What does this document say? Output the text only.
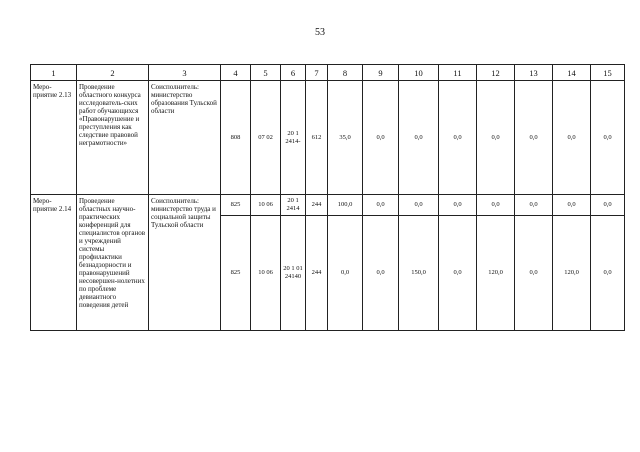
53
1	2	3	4	5	6	7	8	9	10	11	12	13	14	15
Меро-приятие 2.13	Проведение областного конкурса исследователь-ских работ обучающихся «Правонарушение и преступления как следствие правовой неграмотности»	Соисполнитель: министерство образования Тульской области	808	07 02	20 1 2414-	612	35,0	0,0	0,0	0,0	0,0	0,0	0,0	0,0
Меро-приятие 2.14	Проведение областных научно-практических конференций для специалистов органов и учреждений системы профилактики безнадзорности и правонарушений несовершен-нолетних по проблеме девиантного поведения детей	Соисполнитель: министерство труда и социальной защиты Тульской области	825	10 06	20 1 2414	244	100,0	0,0	0,0	0,0	0,0	0,0	0,0	0,0
			825	10 06	20 1 01 24140	244	0,0	0,0	150,0	0,0	120,0	0,0	120,0	0,0
